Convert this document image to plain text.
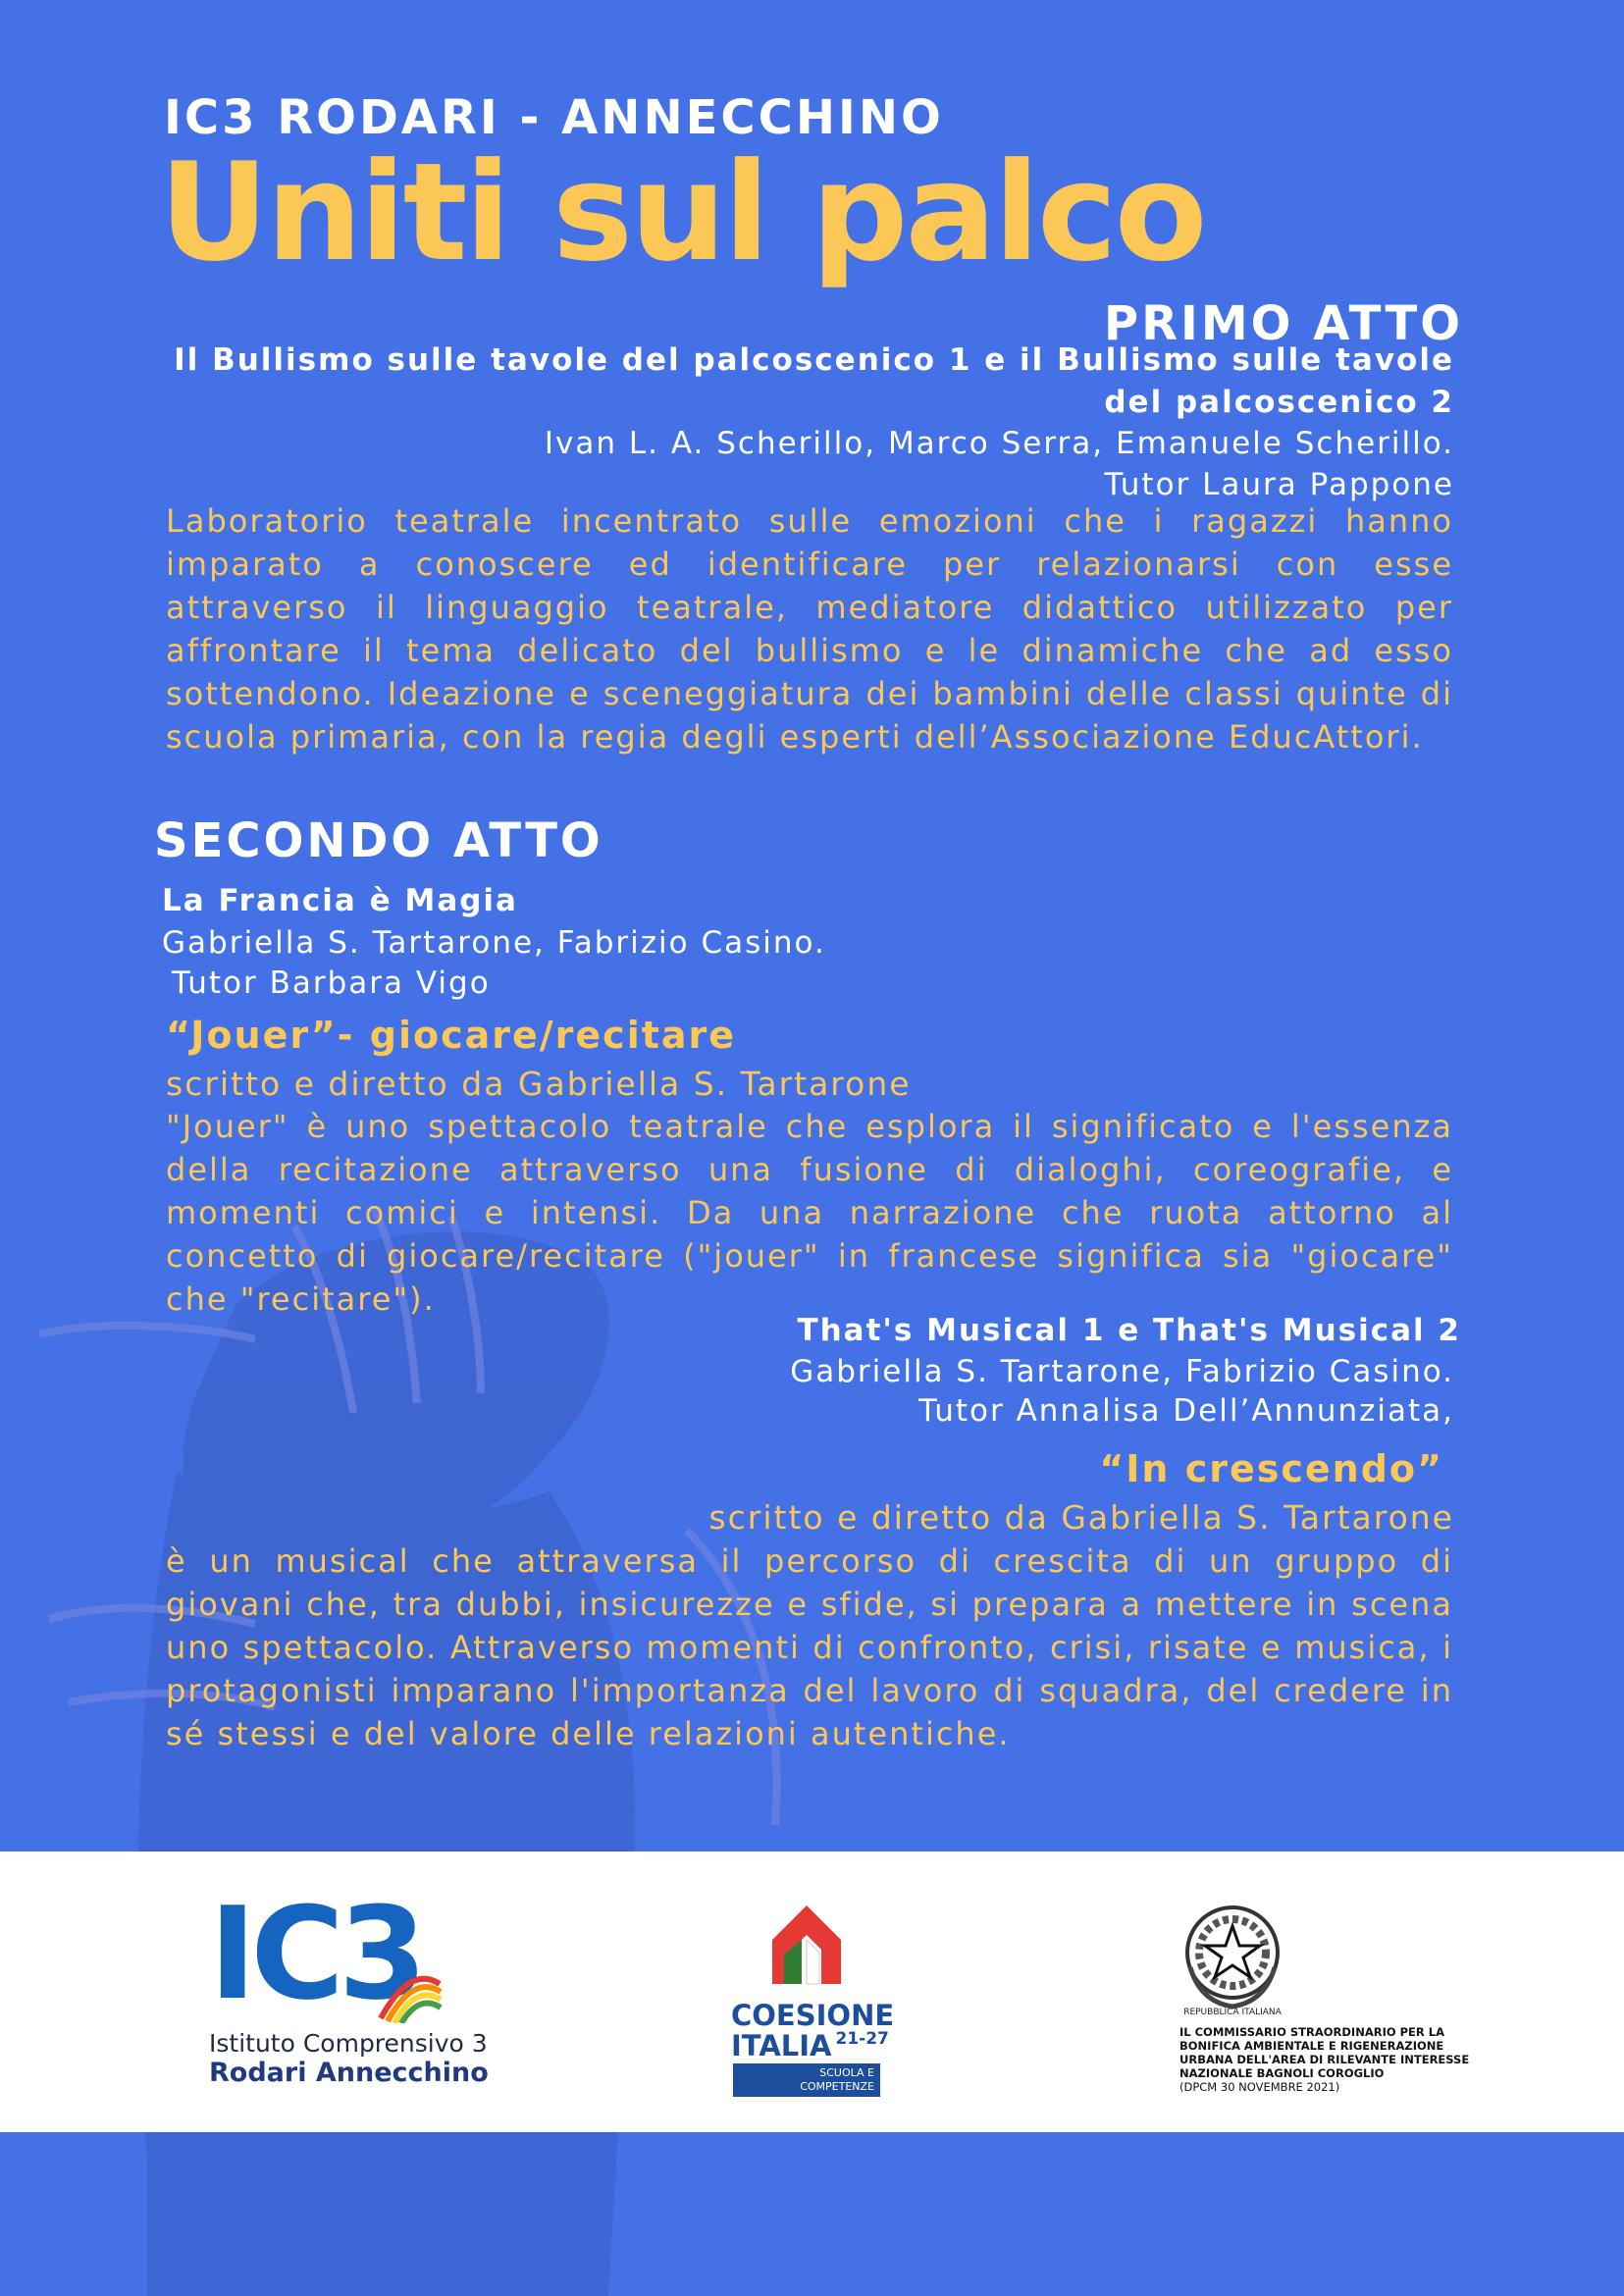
IC3 RODARI - ANNECCHINO
Uniti sul palco
PRIMO ATTO
Il Bullismo sulle tavole del palcoscenico 1 e il Bullismo sulle tavole
del palcoscenico 2
Ivan L. A. Scherillo, Marco Serra, Emanuele Scherillo.
Tutor Laura Pappone

Laboratorio teatrale incentrato sulle emozioni che i ragazzi hanno imparato a conoscere ed identificare per relazionarsi con esse attraverso il linguaggio teatrale, mediatore didattico utilizzato per affrontare il tema delicato del bullismo e le dinamiche che ad esso sottendono. Ideazione e sceneggiatura dei bambini delle classi quinte di scuola primaria, con la regia degli esperti dell’Associazione EducAttori.

SECONDO ATTO
La Francia è Magia
Gabriella S. Tartarone, Fabrizio Casino.
Tutor Barbara Vigo
“Jouer”- giocare/recitare
scritto e diretto da Gabriella S. Tartarone

"Jouer" è uno spettacolo teatrale che esplora il significato e l'essenza della recitazione attraverso una fusione di dialoghi, coreografie, e momenti comici e intensi. Da una narrazione che ruota attorno al concetto di giocare/recitare ("jouer" in francese significa sia "giocare" che "recitare").

That's Musical 1 e That's Musical 2
Gabriella S. Tartarone, Fabrizio Casino.
Tutor Annalisa Dell’Annunziata,
“In crescendo”
scritto e diretto da Gabriella S. Tartarone

è un musical che attraversa il percorso di crescita di un gruppo di giovani che, tra dubbi, insicurezze e sfide, si prepara a mettere in scena uno spettacolo. Attraverso momenti di confronto, crisi, risate e musica, i protagonisti imparano l'importanza del lavoro di squadra, del credere in sé stessi e del valore delle relazioni autentiche.

IC3
Istituto Comprensivo 3
Rodari Annecchino
COESIONE
ITALIA $^{21-27}$
SCUOLA E
COMPETENZE
REPUBBLICA ITALIANA
IL COMMISSARIO STRAORDINARIO PER LA
BONIFICA AMBIENTALE E RIGENERAZIONE
URBANA DELL'AREA DI RILEVANTE INTERESSE
NAZIONALE BAGNOLI COROGLIO
(DPCM 30 NOVEMBRE 2021)
